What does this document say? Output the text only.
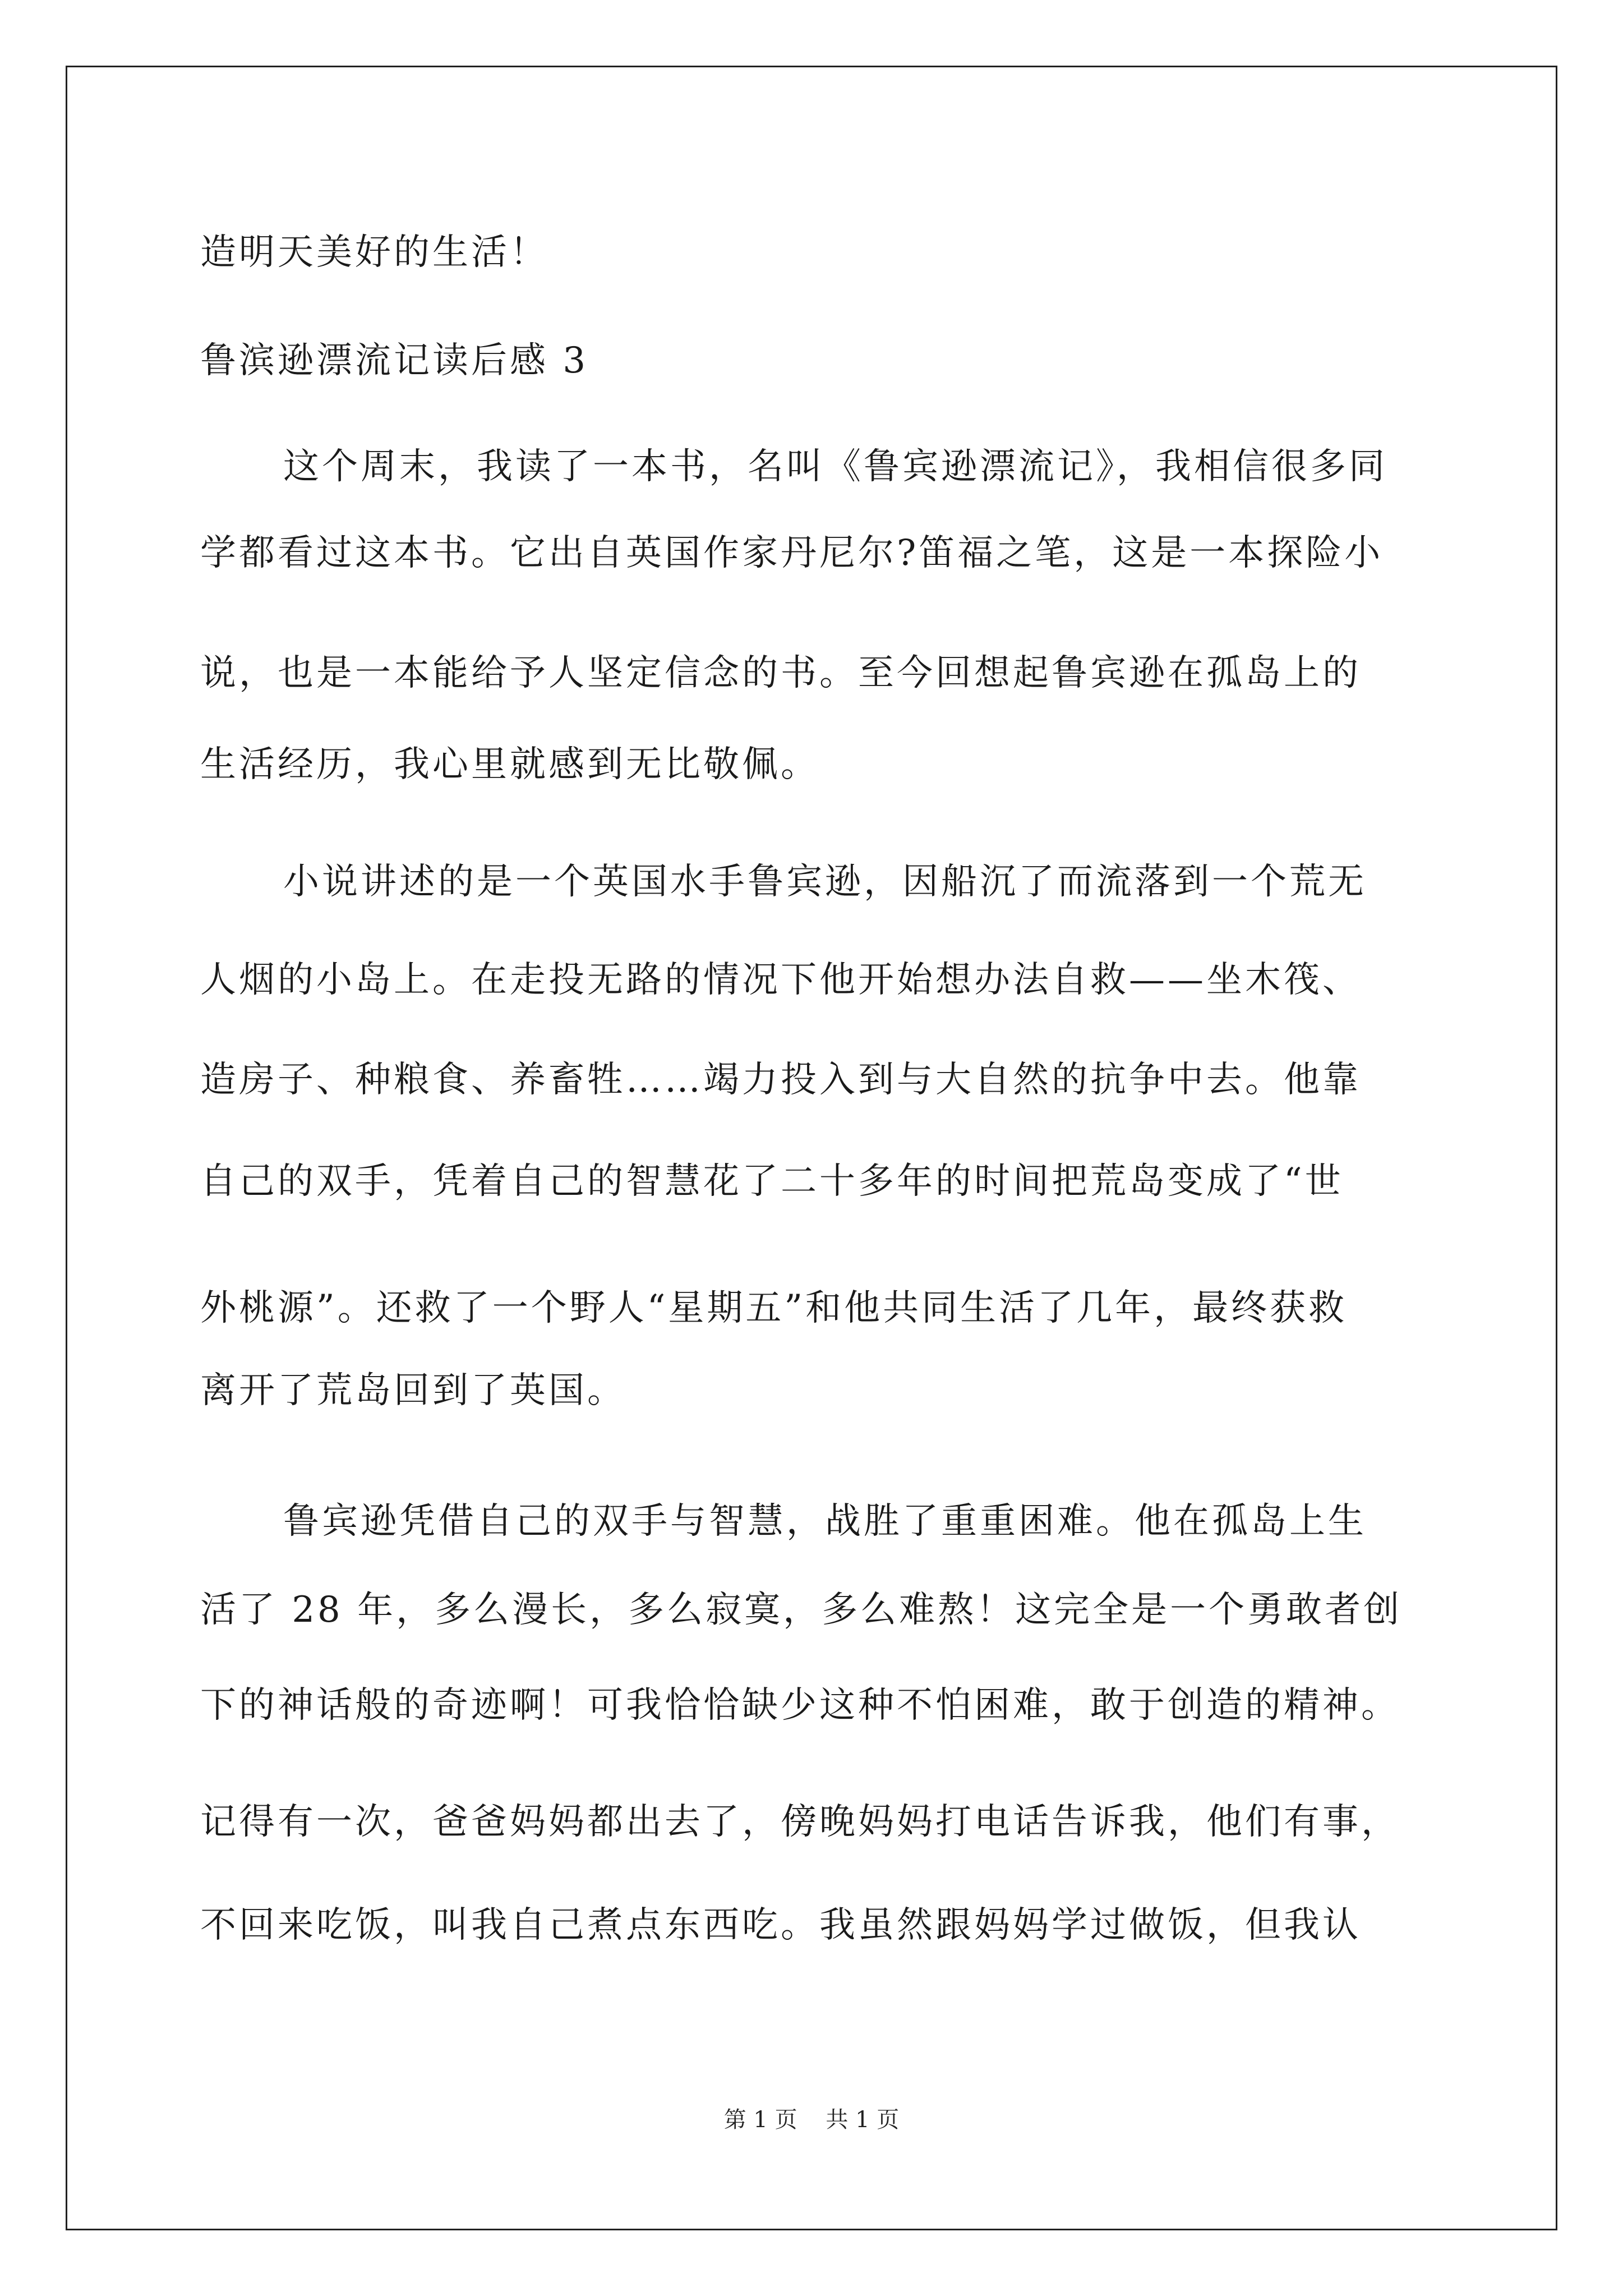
造明天美好的生活！

鲁滨逊漂流记读后感 3

这个周末，我读了一本书，名叫《鲁宾逊漂流记》，我相信很多同

学都看过这本书。它出自英国作家丹尼尔?笛福之笔，这是一本探险小

说，也是一本能给予人坚定信念的书。至今回想起鲁宾逊在孤岛上的

生活经历，我心里就感到无比敬佩。

小说讲述的是一个英国水手鲁宾逊，因船沉了而流落到一个荒无

人烟的小岛上。在走投无路的情况下他开始想办法自救——坐木筏、

造房子、种粮食、养畜牲……竭力投入到与大自然的抗争中去。他靠

自己的双手，凭着自己的智慧花了二十多年的时间把荒岛变成了“世

外桃源”。还救了一个野人“星期五”和他共同生活了几年，最终获救

离开了荒岛回到了英国。

鲁宾逊凭借自己的双手与智慧，战胜了重重困难。他在孤岛上生

活了 28 年，多么漫长，多么寂寞，多么难熬！这完全是一个勇敢者创

下的神话般的奇迹啊！可我恰恰缺少这种不怕困难，敢于创造的精神。

记得有一次，爸爸妈妈都出去了，傍晚妈妈打电话告诉我，他们有事，

不回来吃饭，叫我自己煮点东西吃。我虽然跟妈妈学过做饭，但我认

第 1 页    共 1 页
